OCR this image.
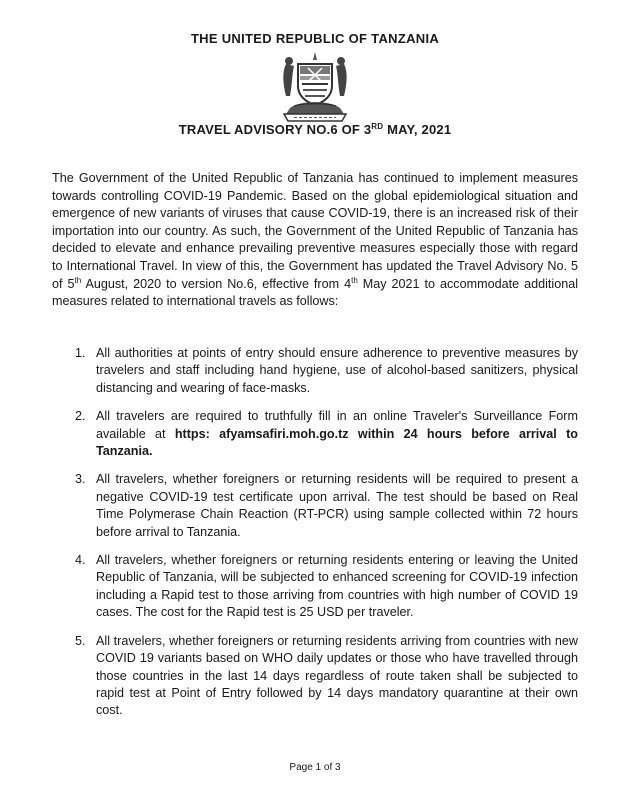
THE UNITED REPUBLIC OF TANZANIA
TRAVEL ADVISORY NO.6 OF 3RD MAY, 2021

The Government of the United Republic of Tanzania has continued to implement measures towards controlling COVID-19 Pandemic. Based on the global epidemiological situation and emergence of new variants of viruses that cause COVID-19, there is an increased risk of their importation into our country. As such, the Government of the United Republic of Tanzania has decided to elevate and enhance prevailing preventive measures especially those with regard to International Travel. In view of this, the Government has updated the Travel Advisory No. 5 of 5th August, 2020 to version No.6, effective from 4th May 2021 to accommodate additional measures related to international travels as follows:

1. All authorities at points of entry should ensure adherence to preventive measures by travelers and staff including hand hygiene, use of alcohol-based sanitizers, physical distancing and wearing of face-masks.
2. All travelers are required to truthfully fill in an online Traveler's Surveillance Form available at https: afyamsafiri.moh.go.tz within 24 hours before arrival to Tanzania.
3. All travelers, whether foreigners or returning residents will be required to present a negative COVID-19 test certificate upon arrival. The test should be based on Real Time Polymerase Chain Reaction (RT-PCR) using sample collected within 72 hours before arrival to Tanzania.
4. All travelers, whether foreigners or returning residents entering or leaving the United Republic of Tanzania, will be subjected to enhanced screening for COVID-19 infection including a Rapid test to those arriving from countries with high number of COVID 19 cases. The cost for the Rapid test is 25 USD per traveler.
5. All travelers, whether foreigners or returning residents arriving from countries with new COVID 19 variants based on WHO daily updates or those who have travelled through those countries in the last 14 days regardless of route taken shall be subjected to rapid test at Point of Entry followed by 14 days mandatory quarantine at their own cost.
Page 1 of 3
